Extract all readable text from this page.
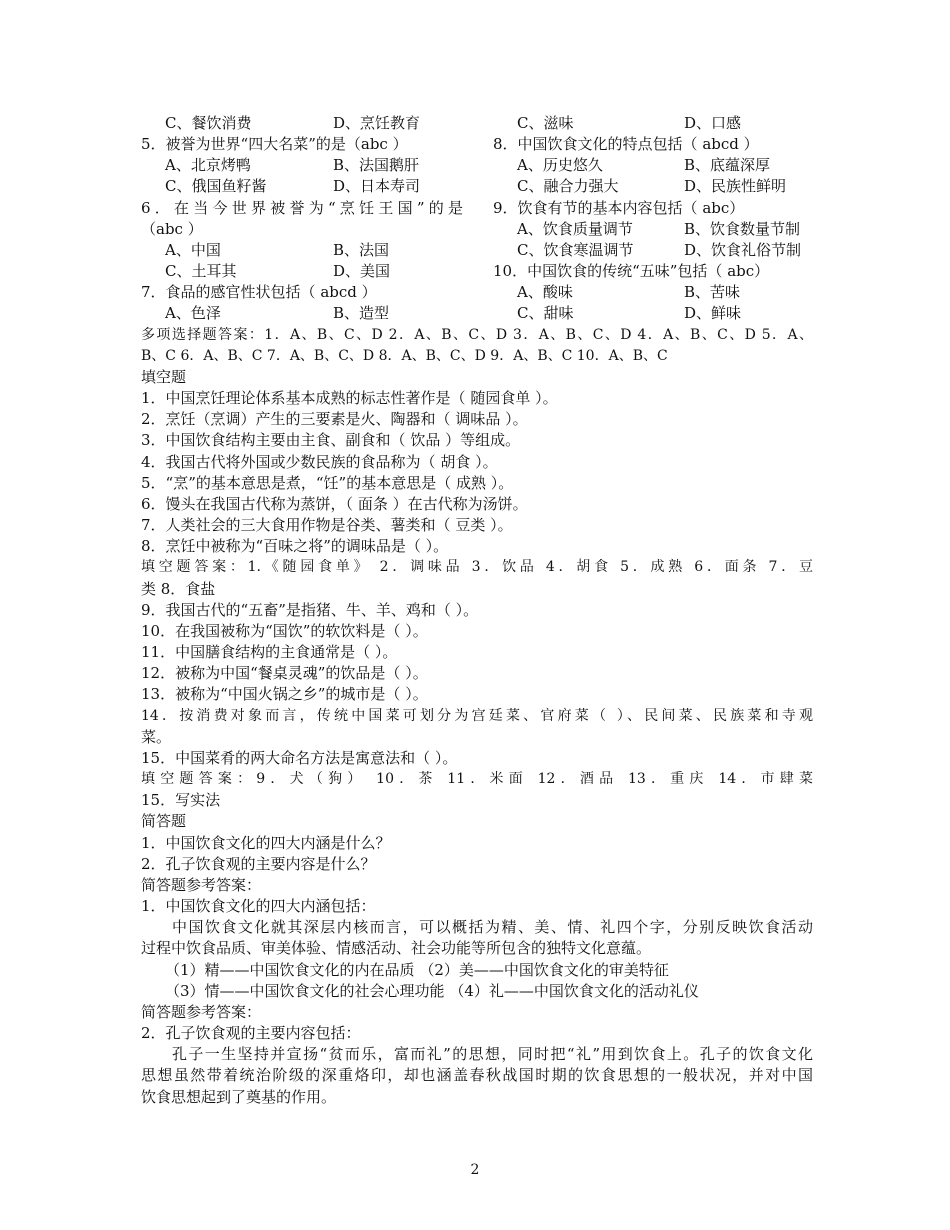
C、餐饮消费	D、烹饪教育	C、滋味	D、口感
5．被誉为世界“四大名菜”的是（abc ）	8．中国饮食文化的特点包括（ abcd ）
A、北京烤鸭	B、法国鹅肝	A、历史悠久	B、底蕴深厚
C、俄国鱼籽酱	D、日本寿司	C、融合力强大	D、民族性鲜明
6．在当今世界被誉为“烹饪王国”的是 9．饮食有节的基本内容包括（ abc）
（abc ）	A、饮食质量调节	B、饮食数量节制
A、中国	B、法国	C、饮食寒温调节	D、饮食礼俗节制
C、土耳其	D、美国	10．中国饮食的传统“五味”包括（ abc）
7．食品的感官性状包括（ abcd ）	A、酸味	B、苦味
A、色泽	B、造型	C、甜味	D、鲜味
多项选择题答案：1．A、B、C、D 2．A、B、C、D 3．A、B、C、D 4．A、B、C、D 5．A、
B、C 6．A、B、C 7．A、B、C、D 8．A、B、C、D 9．A、B、C 10．A、B、C
填空题
1．中国烹饪理论体系基本成熟的标志性著作是（ 随园食单 ）。
2．烹饪（烹调）产生的三要素是火、陶器和（ 调味品 ）。
3．中国饮食结构主要由主食、副食和（ 饮品 ）等组成。
4．我国古代将外国或少数民族的食品称为（ 胡食 ）。
5．“烹”的基本意思是煮，“饪”的基本意思是（ 成熟 ）。
6．馒头在我国古代称为蒸饼，（ 面条 ）在古代称为汤饼。
7．人类社会的三大食用作物是谷类、薯类和（ 豆类 ）。
8．烹饪中被称为“百味之将”的调味品是（ ）。
填空题答案：1.《随园食单》 2．调味品 3．饮品 4．胡食 5．成熟 6．面条 7．豆
类 8．食盐
9．我国古代的“五畜”是指猪、牛、羊、鸡和（ ）。
10．在我国被称为“国饮”的软饮料是（ ）。
11．中国膳食结构的主食通常是（ ）。
12．被称为中国“餐桌灵魂”的饮品是（ ）。
13．被称为“中国火锅之乡”的城市是（ ）。
14．按消费对象而言，传统中国菜可划分为宫廷菜、官府菜（ ）、民间菜、民族菜和寺观
菜。
15．中国菜肴的两大命名方法是寓意法和（ ）。
填空题答案：9．犬（狗） 10．茶 11．米面 12．酒品 13．重庆 14．市肆菜
15．写实法
简答题
1．中国饮食文化的四大内涵是什么？
2．孔子饮食观的主要内容是什么？
简答题参考答案：
1．中国饮食文化的四大内涵包括：
中国饮食文化就其深层内核而言，可以概括为精、美、情、礼四个字，分别反映饮食活动
过程中饮食品质、审美体验、情感活动、社会功能等所包含的独特文化意蕴。
（1）精——中国饮食文化的内在品质 （2）美——中国饮食文化的审美特征
（3）情——中国饮食文化的社会心理功能 （4）礼——中国饮食文化的活动礼仪
简答题参考答案：
2．孔子饮食观的主要内容包括：
孔子一生坚持并宣扬“贫而乐，富而礼”的思想，同时把“礼”用到饮食上。孔子的饮食文化
思想虽然带着统治阶级的深重烙印，却也涵盖春秋战国时期的饮食思想的一般状况，并对中国
饮食思想起到了奠基的作用。
2
